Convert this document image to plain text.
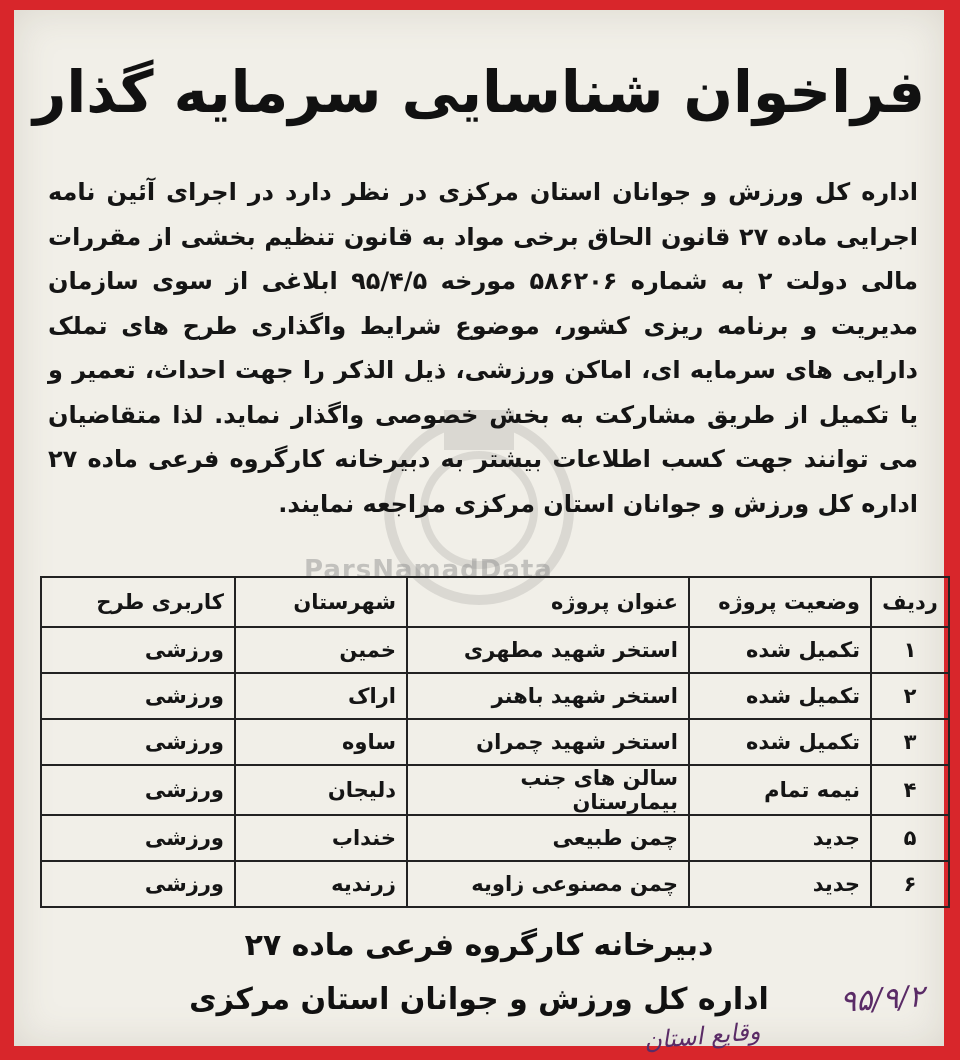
ParsNamadData
فراخوان شناسایی سرمایه گذار
اداره کل ورزش و جوانان استان مرکزی در نظر دارد در اجرای آئین نامه اجرایی ماده ۲۷ قانون الحاق برخی مواد به قانون تنظیم بخشی از مقررات مالی دولت ۲ به شماره ۵۸۶۲۰۶ مورخه ۹۵/۴/۵ ابلاغی از سوی سازمان مدیریت و برنامه ریزی کشور، موضوع شرایط واگذاری طرح های تملک دارایی های سرمایه ای، اماکن ورزشی، ذیل الذکر را جهت احداث، تعمیر و یا تکمیل از طریق مشارکت به بخش خصوصی واگذار نماید. لذا متقاضیان می توانند جهت کسب اطلاعات بیشتر به دبیرخانه کارگروه فرعی ماده ۲۷ اداره کل ورزش و جوانان استان مرکزی مراجعه نمایند.
ردیف	وضعیت پروژه	عنوان پروژه	شهرستان	کاربری طرح
۱	تکمیل شده	استخر شهید مطهری	خمین	ورزشی
۲	تکمیل شده	استخر شهید باهنر	اراک	ورزشی
۳	تکمیل شده	استخر شهید چمران	ساوه	ورزشی
۴	نیمه تمام	سالن های جنب بیمارستان	دلیجان	ورزشی
۵	جدید	چمن طبیعی	خنداب	ورزشی
۶	جدید	چمن مصنوعی زاویه	زرندیه	ورزشی
دبیرخانه کارگروه فرعی ماده ۲۷
اداره کل ورزش و جوانان استان مرکزی	۹۵/۹/۲
وقایع استان
